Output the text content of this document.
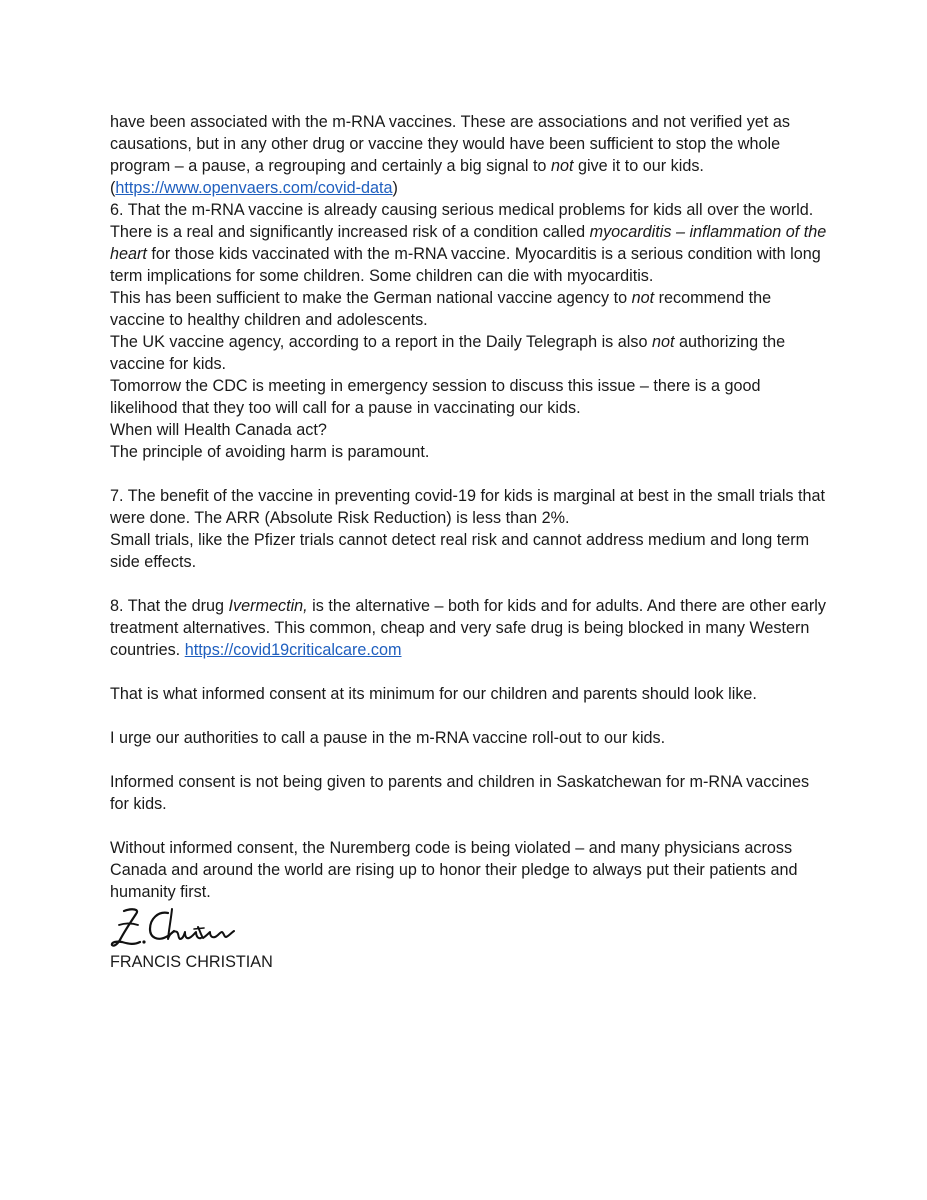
have been associated with the m-RNA vaccines. These are associations and not verified yet as causations, but in any other drug or vaccine they would have been sufficient to stop the whole program – a pause, a regrouping and certainly a big signal to not give it to our kids.
(https://www.openvaers.com/covid-data)

6. That the m-RNA vaccine is already causing serious medical problems for kids all over the world. There is a real and significantly increased risk of a condition called myocarditis – inflammation of the heart for those kids vaccinated with the m-RNA vaccine. Myocarditis is a serious condition with long term implications for some children. Some children can die with myocarditis.

This has been sufficient to make the German national vaccine agency to not recommend the vaccine to healthy children and adolescents.

The UK vaccine agency, according to a report in the Daily Telegraph is also not authorizing the vaccine for kids.

Tomorrow the CDC is meeting in emergency session to discuss this issue – there is a good likelihood that they too will call for a pause in vaccinating our kids.

When will Health Canada act?

The principle of avoiding harm is paramount.

7. The benefit of the vaccine in preventing covid-19 for kids is marginal at best in the small trials that were done. The ARR (Absolute Risk Reduction) is less than 2%.

Small trials, like the Pfizer trials cannot detect real risk and cannot address medium and long term side effects.

8. That the drug Ivermectin, is the alternative – both for kids and for adults. And there are other early treatment alternatives. This common, cheap and very safe drug is being blocked in many Western countries. https://covid19criticalcare.com

That is what informed consent at its minimum for our children and parents should look like.

I urge our authorities to call a pause in the m-RNA vaccine roll-out to our kids.

Informed consent is not being given to parents and children in Saskatchewan for m-RNA vaccines for kids.

Without informed consent, the Nuremberg code is being violated – and many physicians across Canada and around the world are rising up to honor their pledge to always put their patients and humanity first.

FRANCIS CHRISTIAN
